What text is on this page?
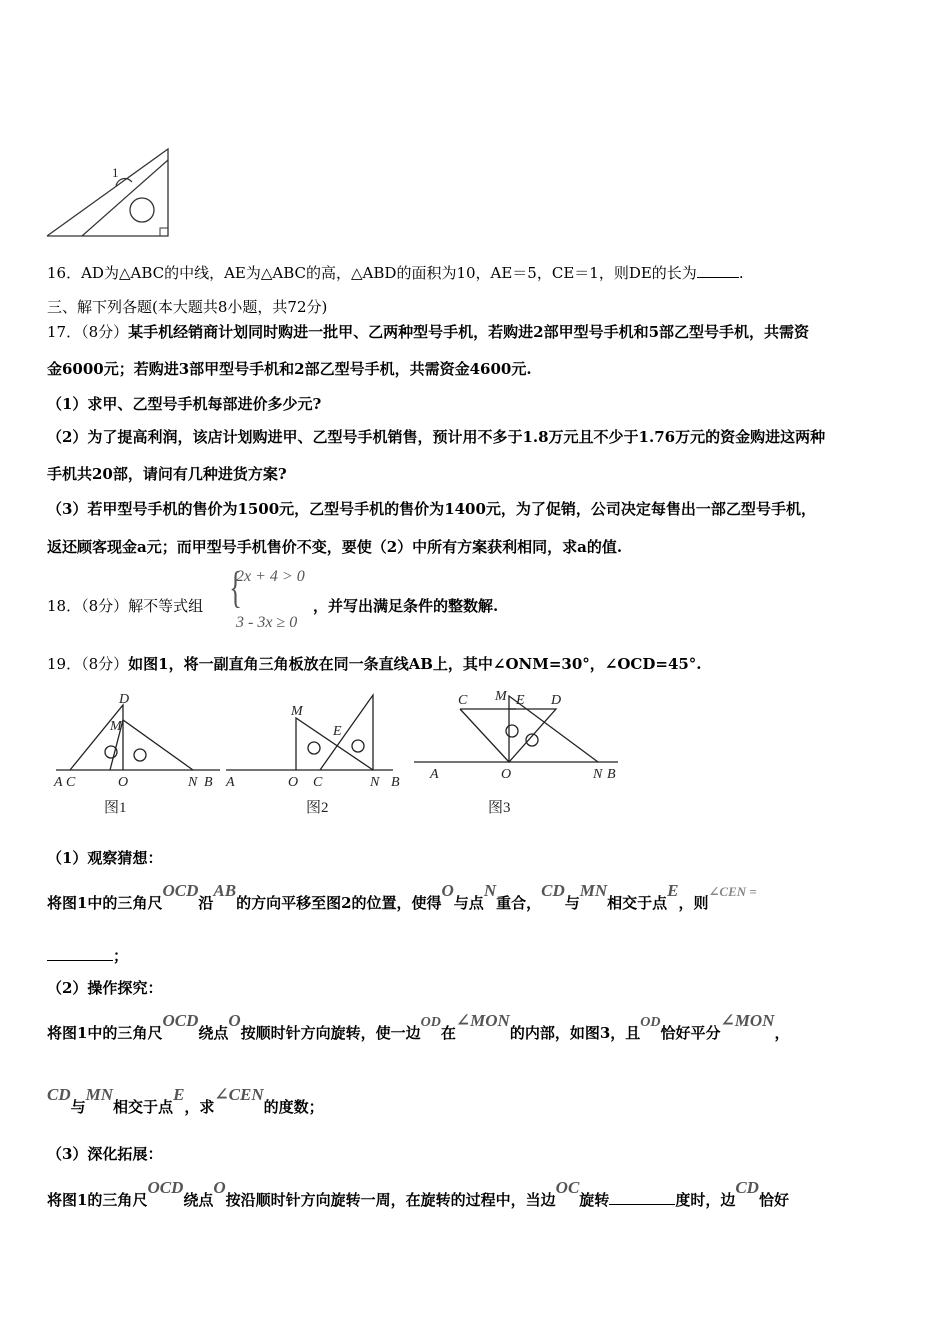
1
16．AD为△ABC的中线，AE为△ABC的高，△ABD的面积为10，AE＝5，CE＝1，则DE的长为	.
三、解下列各题(本大题共8小题，共72分)
17．（8分）某手机经销商计划同时购进一批甲、乙两种型号手机，若购进2部甲型号手机和5部乙型号手机，共需资
金6000元；若购进3部甲型号手机和2部乙型号手机，共需资金4600元.
（1）求甲、乙型号手机每部进价多少元?
（2）为了提高利润，该店计划购进甲、乙型号手机销售，预计用不多于1.8万元且不少于1.76万元的资金购进这两种
手机共20部，请问有几种进货方案?
（3）若甲型号手机的售价为1500元，乙型号手机的售价为1400元，为了促销，公司决定每售出一部乙型号手机，
返还顾客现金a元；而甲型号手机售价不变，要使（2）中所有方案获利相同，求a的值.
18．（8分）解不等式组 {
2x + 4 > 0
3 - 3x ≥ 0
，并写出满足条件的整数解.
19．（8分）如图1，将一副直角三角板放在同一条直线AB上，其中∠ONM=30°，∠OCD=45°.
D
M
A C	O	N B
图1
M
E
A	O C	N B
图2
C M E D
A	O	N B
图3
（1）观察猜想：
将图1中的三角尺OCD沿AB的方向平移至图2的位置，使得O与点N重合，CD与MN相交于点E，则∠CEN =
；
（2）操作探究：
将图1中的三角尺OCD绕点O按顺时针方向旋转，使一边OD在∠MON的内部，如图3，且OD恰好平分∠MON，
CD与MN相交于点E，求∠CEN的度数；
（3）深化拓展：
将图1的三角尺OCD绕点O按沿顺时针方向旋转一周，在旋转的过程中，当边OC旋转	度时，边CD恰好
